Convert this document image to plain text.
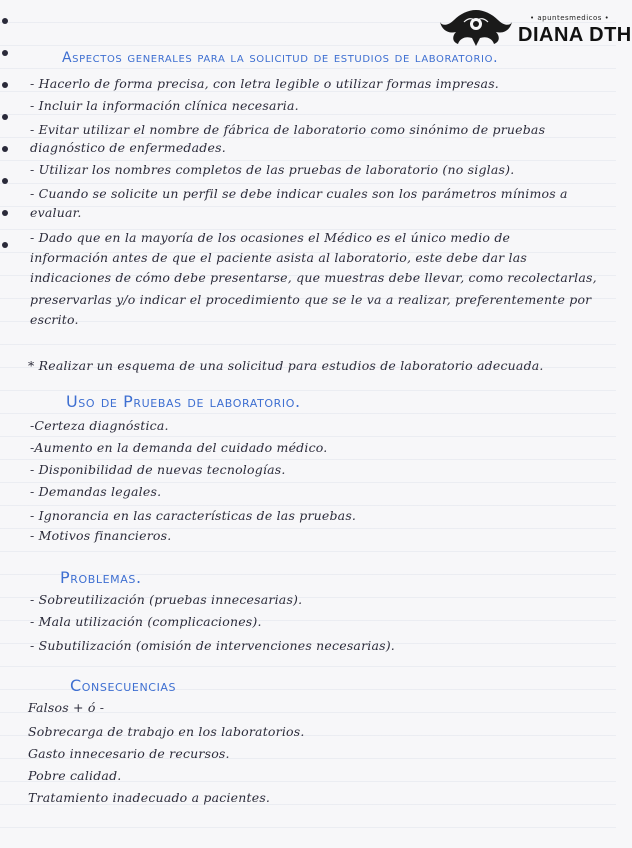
• apuntesmedicos •
DIANA DTH
Aspectos generales para la solicitud de estudios de laboratorio.
- Hacerlo de forma precisa, con letra legible o utilizar formas impresas.
- Incluir la información clínica necesaria.
- Evitar utilizar el nombre de fábrica de laboratorio como sinónimo de pruebas
diagnóstico de enfermedades.
- Utilizar los nombres completos de las pruebas de laboratorio (no siglas).
- Cuando se solicite un perfil se debe indicar cuales son los parámetros mínimos a
evaluar.
- Dado que en la mayoría de los ocasiones el Médico es el único medio de
información antes de que el paciente asista al laboratorio, este debe dar las
indicaciones de cómo debe presentarse, que muestras debe llevar, como recolectarlas,
preservarlas y/o indicar el procedimiento que se le va a realizar, preferentemente por
escrito.
* Realizar un esquema de una solicitud para estudios de laboratorio adecuada.
Uso de Pruebas de laboratorio.
-Certeza diagnóstica.
-Aumento en la demanda del cuidado médico.
- Disponibilidad de nuevas tecnologías.
- Demandas legales.
- Ignorancia en las características de las pruebas.
- Motivos financieros.
Problemas.
- Sobreutilización (pruebas innecesarias).
- Mala utilización (complicaciones).
- Subutilización (omisión de intervenciones necesarias).
Consecuencias
Falsos + ó -
Sobrecarga de trabajo en los laboratorios.
Gasto innecesario de recursos.
Pobre calidad.
Tratamiento inadecuado a pacientes.
